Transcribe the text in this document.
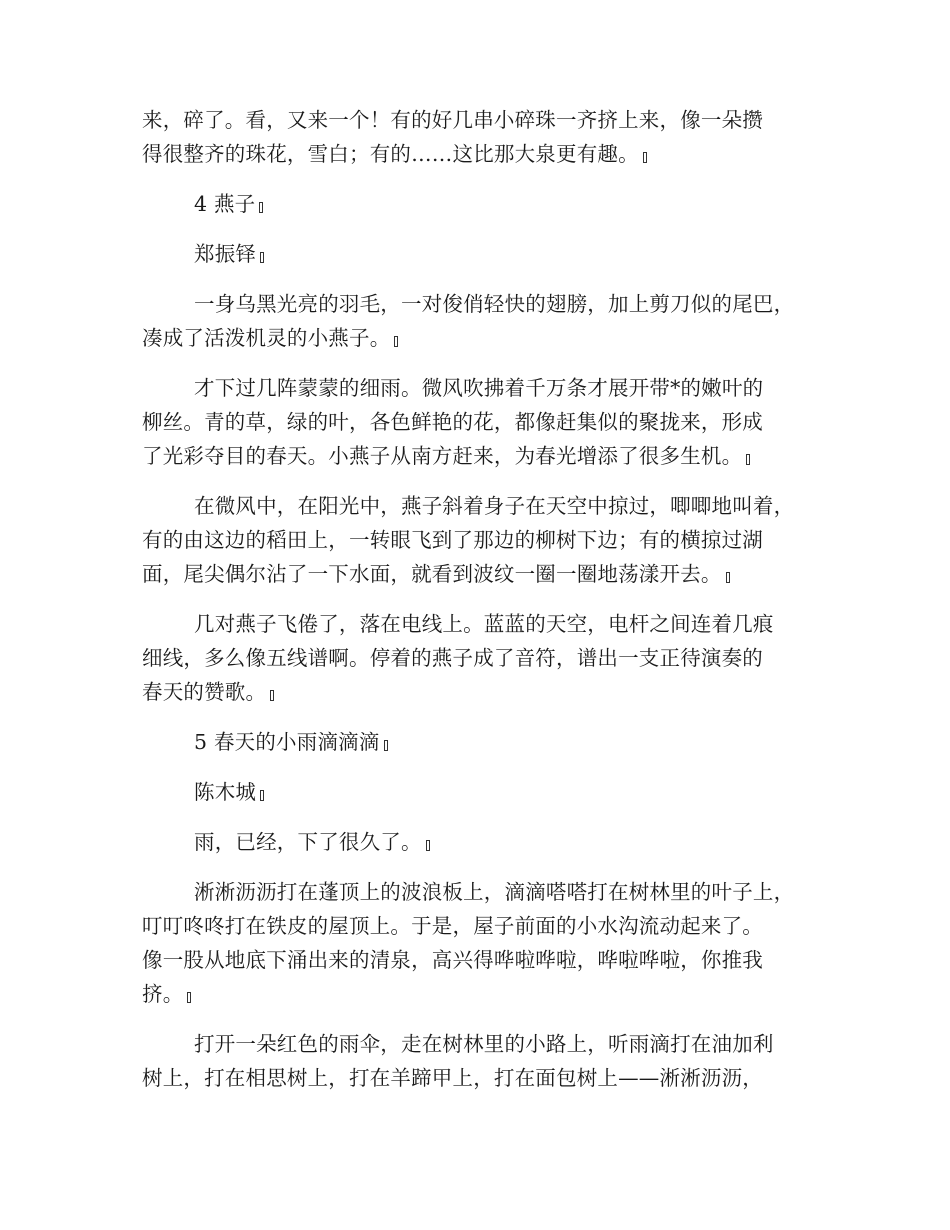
来，碎了。看，又来一个！有的好几串小碎珠一齐挤上来，像一朵攒
得很整齐的珠花，雪白；有的……这比那大泉更有趣。

4 燕子

郑振铎

一身乌黑光亮的羽毛，一对俊俏轻快的翅膀，加上剪刀似的尾巴，
凑成了活泼机灵的小燕子。

才下过几阵蒙蒙的细雨。微风吹拂着千万条才展开带*的嫩叶的
柳丝。青的草，绿的叶，各色鲜艳的花，都像赶集似的聚拢来，形成
了光彩夺目的春天。小燕子从南方赶来，为春光增添了很多生机。

在微风中，在阳光中，燕子斜着身子在天空中掠过，唧唧地叫着，
有的由这边的稻田上，一转眼飞到了那边的柳树下边；有的横掠过湖
面，尾尖偶尔沾了一下水面，就看到波纹一圈一圈地荡漾开去。

几对燕子飞倦了，落在电线上。蓝蓝的天空，电杆之间连着几痕
细线，多么像五线谱啊。停着的燕子成了音符，谱出一支正待演奏的
春天的赞歌。

5 春天的小雨滴滴滴

陈木城

雨，已经，下了很久了。

淅淅沥沥打在蓬顶上的波浪板上，滴滴嗒嗒打在树林里的叶子上，
叮叮咚咚打在铁皮的屋顶上。于是，屋子前面的小水沟流动起来了。
像一股从地底下涌出来的清泉，高兴得哗啦哗啦，哗啦哗啦，你推我
挤。

打开一朵红色的雨伞，走在树林里的小路上，听雨滴打在油加利
树上，打在相思树上，打在羊蹄甲上，打在面包树上——淅淅沥沥，
